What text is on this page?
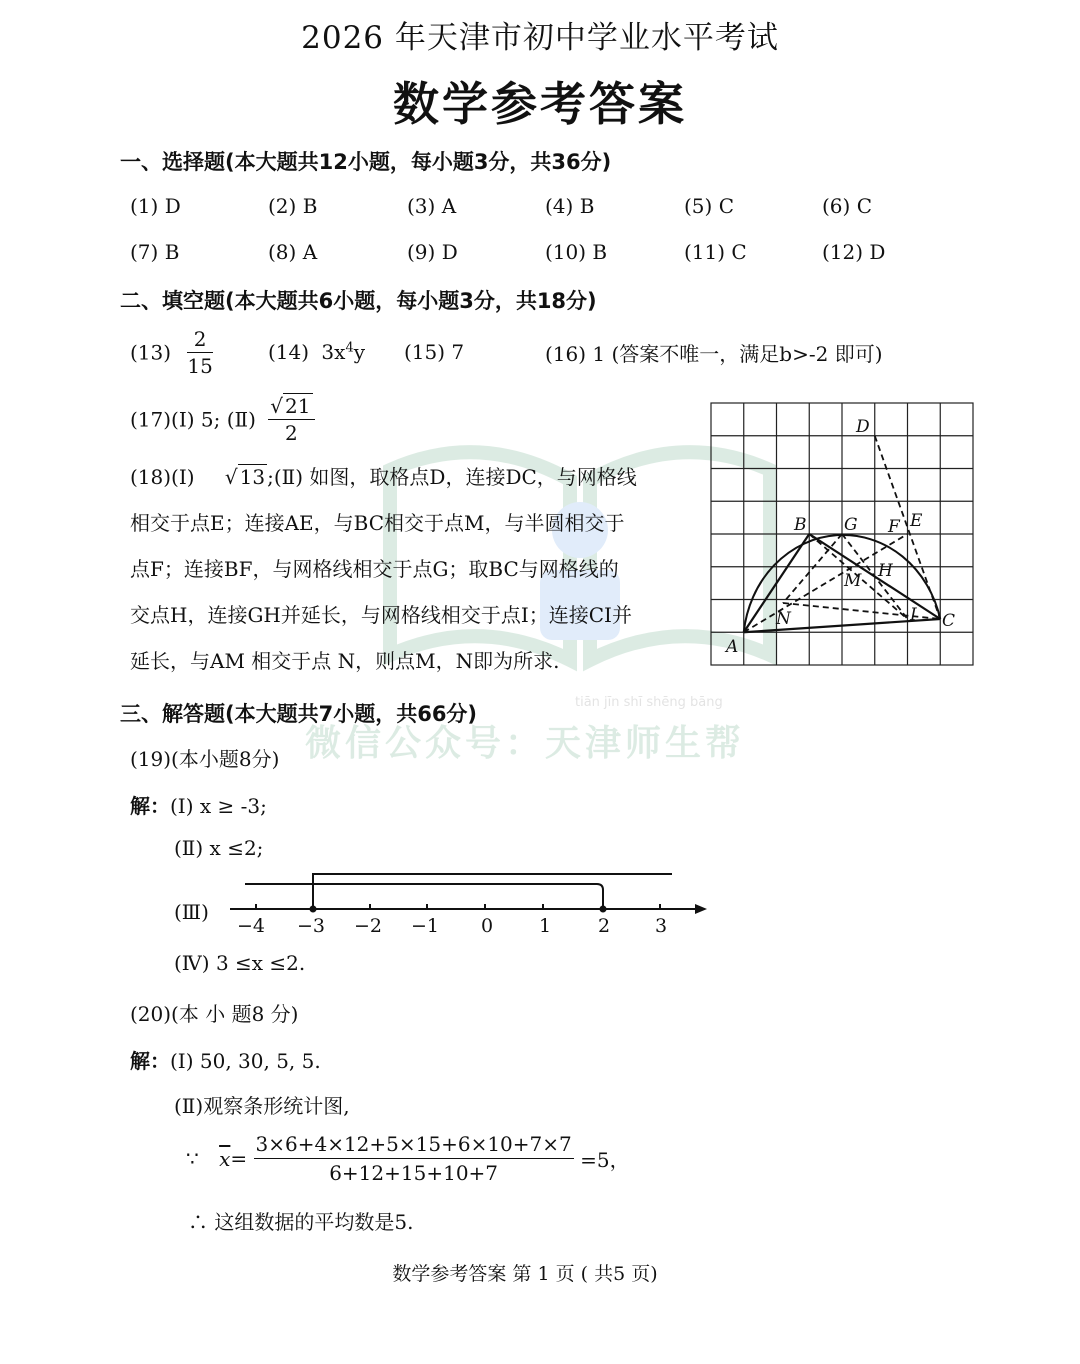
tiān jīn shī shēng bāng
微信公众号：天津师生帮
2026 年天津市初中学业水平考试
数学参考答案
一、选择题(本大题共12小题，每小题3分，共36分)
(1) D	(2) B	(3) A	(4) B	(5) C	(6) C
(7) B	(8) A	(9) D	(10) B	(11) C	(12) D
二、填空题(本大题共6小题，每小题3分，共18分)
$(13) \frac{2}{15}$	(14) $3x^4y$ (15) 7	(16) 1 (答案不唯一，满足b>-2 即可)
(17)(Ⅰ) 5; (Ⅱ) $\frac{√ 21}{2}$
(18)(Ⅰ) √ 13 ;(Ⅱ) 如图，取格点D，连接DC，与网格线
相交于点E；连接AE，与BC相交于点M，与半圆相交于
点F；连接BF，与网格线相交于点G；取BC与网格线的
交点H，连接GH并延长，与网格线相交于点I；连接CI并
延长，与AM 相交于点 N，则点M，N即为所求.
D
B G F E
H
M
N	I C
A
三、解答题(本大题共7小题，共66分)
(19)(本小题8分)
解：(Ⅰ) x ≥ -3;
(Ⅱ) x ≤2;
(Ⅲ)
−4 −3 −2 −1 0 1 2 3
(Ⅳ) 3 ≤x ≤2.
(20)(本 小 题8 分)
解：(Ⅰ) 50, 30, 5, 5.
(Ⅱ)观察条形统计图,
∵ $\overline{x}= \frac{3\times 6+4\times 12+5\times 15+6\times 10+7\times 7}{6+12+15+10+7} =5$，
∴ 这组数据的平均数是5.
数学参考答案 第 1 页 ( 共5 页)
